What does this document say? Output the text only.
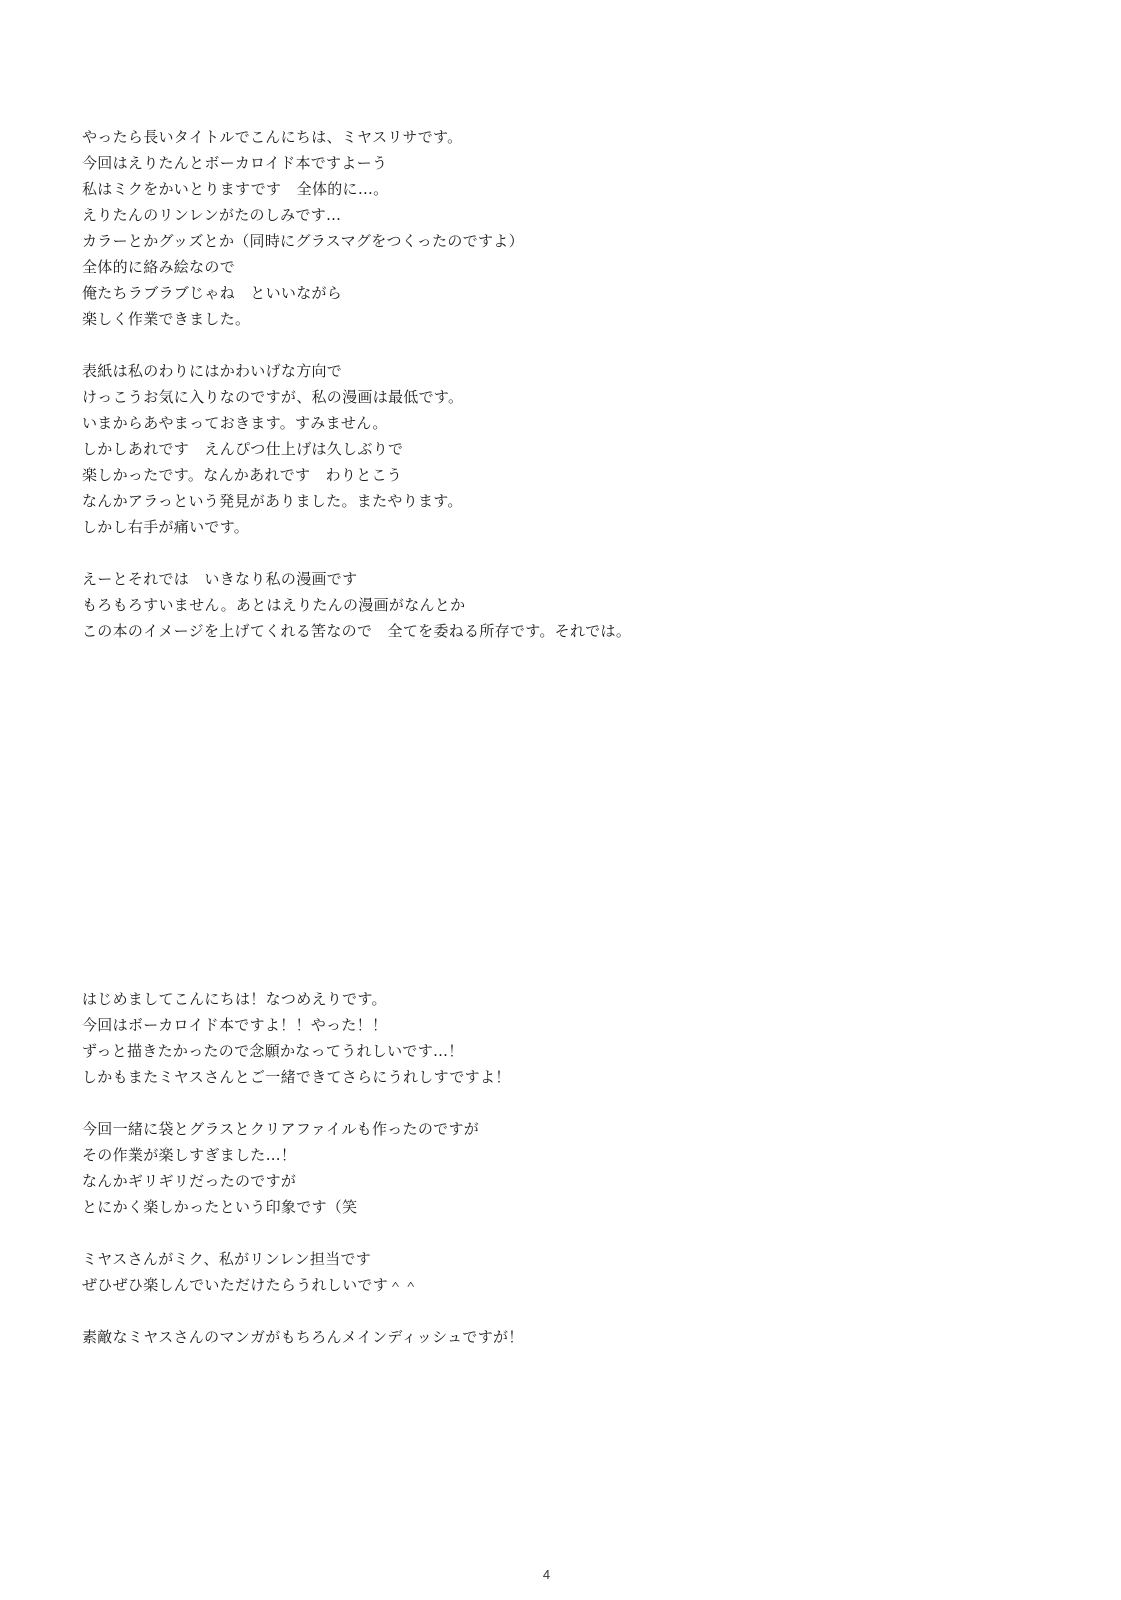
やったら長いタイトルでこんにちは、ミヤスリサです。
今回はえりたんとボーカロイド本ですよーう
私はミクをかいとりますです　全体的に…。
えりたんのリンレンがたのしみです…
カラーとかグッズとか（同時にグラスマグをつくったのですよ）
全体的に絡み絵なので
俺たちラブラブじゃね　といいながら
楽しく作業できました。
表紙は私のわりにはかわいげな方向で
けっこうお気に入りなのですが、私の漫画は最低です。
いまからあやまっておきます。すみません。
しかしあれです　えんぴつ仕上げは久しぶりで
楽しかったです。なんかあれです　わりとこう
なんかアラっという発見がありました。またやります。
しかし右手が痛いです。
えーとそれでは　いきなり私の漫画です
もろもろすいません。あとはえりたんの漫画がなんとか
この本のイメージを上げてくれる筈なので　全てを委ねる所存です。それでは。
はじめましてこんにちは！なつめえりです。
今回はボーカロイド本ですよ！！やった！！
ずっと描きたかったので念願かなってうれしいです…！
しかもまたミヤスさんとご一緒できてさらにうれしすですよ！
今回一緒に袋とグラスとクリアファイルも作ったのですが
その作業が楽しすぎました…！
なんかギリギリだったのですが
とにかく楽しかったという印象です（笑
ミヤスさんがミク、私がリンレン担当です
ぜひぜひ楽しんでいただけたらうれしいです＾＾
素敵なミヤスさんのマンガがもちろんメインディッシュですが！
4
